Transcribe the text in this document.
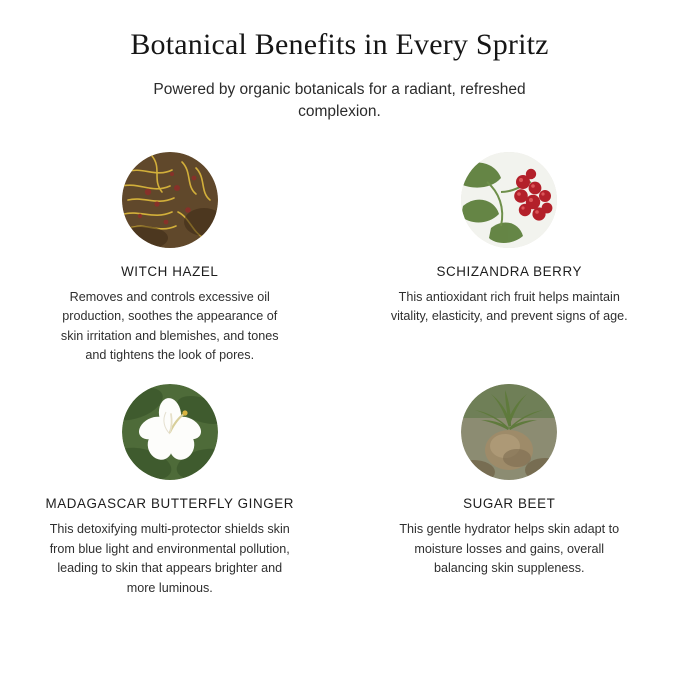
Botanical Benefits in Every Spritz

Powered by organic botanicals for a radiant, refreshed complexion.

WITCH HAZEL
Removes and controls excessive oil production, soothes the appearance of skin irritation and blemishes, and tones and tightens the look of pores.
SCHIZANDRA BERRY
This antioxidant rich fruit helps maintain vitality, elasticity, and prevent signs of age.
MADAGASCAR BUTTERFLY GINGER
This detoxifying multi-protector shields skin from blue light and environmental pollution, leading to skin that appears brighter and more luminous.
SUGAR BEET
This gentle hydrator helps skin adapt to moisture losses and gains, overall balancing skin suppleness.
